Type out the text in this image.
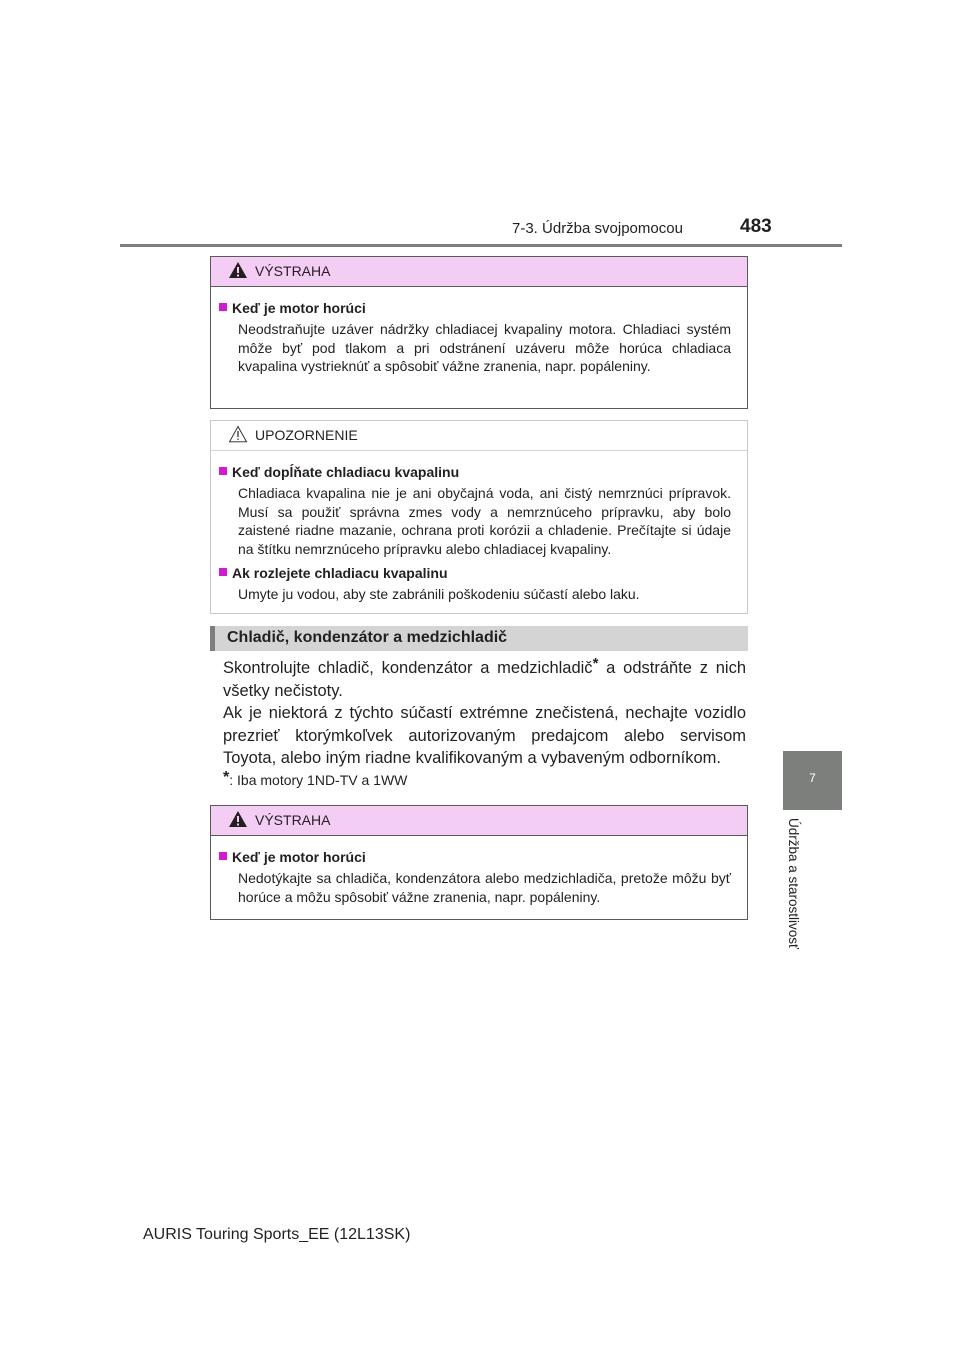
7-3. Údržba svojpomocou	483
7
Údržba a starostlivosť
VÝSTRAHA
Keď je motor horúci
Neodstraňujte uzáver nádržky chladiacej kvapaliny motora. Chladiaci systém môže byť pod tlakom a pri odstránení uzáveru môže horúca chladiaca kvapalina vystrieknúť a spôsobiť vážne zranenia, napr. popáleniny.
UPOZORNENIE
Keď dopĺňate chladiacu kvapalinu
Chladiaca kvapalina nie je ani obyčajná voda, ani čistý nemrznúci prípravok. Musí sa použiť správna zmes vody a nemrznúceho prípravku, aby bolo zaistené riadne mazanie, ochrana proti korózii a chladenie. Prečítajte si údaje na štítku nemrznúceho prípravku alebo chladiacej kvapaliny.
Ak rozlejete chladiacu kvapalinu
Umyte ju vodou, aby ste zabránili poškodeniu súčastí alebo laku.
Chladič, kondenzátor a medzichladič

Skontrolujte chladič, kondenzátor a medzichladič* a odstráňte z nich všetky nečistoty.

Ak je niektorá z týchto súčastí extrémne znečistená, nechajte vozidlo prezrieť ktorýmkoľvek autorizovaným predajcom alebo servisom Toyota, alebo iným riadne kvalifikovaným a vybaveným odborníkom.

*: Iba motory 1ND-TV a 1WW
VÝSTRAHA
Keď je motor horúci
Nedotýkajte sa chladiča, kondenzátora alebo medzichladiča, pretože môžu byť horúce a môžu spôsobiť vážne zranenia, napr. popáleniny.
AURIS Touring Sports_EE (12L13SK)
